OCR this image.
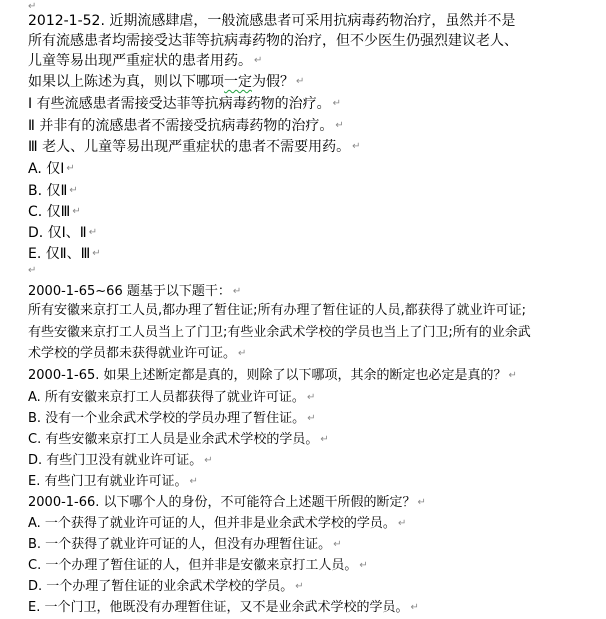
↵
2012-1-52. 近期流感肆虐，一般流感患者可采用抗病毒药物治疗，虽然并不是
所有流感患者均需接受达菲等抗病毒药物的治疗，但不少医生仍强烈建议老人、
儿童等易出现严重症状的患者用药。 ↵
如果以上陈述为真，则以下哪项一定为假？ ↵
Ⅰ 有些流感患者需接受达菲等抗病毒药物的治疗。 ↵
Ⅱ 并非有的流感患者不需接受抗病毒药物的治疗。 ↵
Ⅲ 老人、儿童等易出现严重症状的患者不需要用药。 ↵
A. 仅Ⅰ ↵
B. 仅Ⅱ ↵
C. 仅Ⅲ ↵
D. 仅Ⅰ、Ⅱ ↵
E. 仅Ⅱ、Ⅲ ↵
↵
2000-1-65~66 题基于以下题干： ↵
所有安徽来京打工人员,都办理了暂住证;所有办理了暂住证的人员,都获得了就业许可证;
有些安徽来京打工人员当上了门卫;有些业余武术学校的学员也当上了门卫;所有的业余武
术学校的学员都未获得就业许可证。 ↵
2000-1-65. 如果上述断定都是真的，则除了以下哪项，其余的断定也必定是真的？ ↵
A. 所有安徽来京打工人员都获得了就业许可证。 ↵
B. 没有一个业余武术学校的学员办理了暂住证。 ↵
C. 有些安徽来京打工人员是业余武术学校的学员。 ↵
D. 有些门卫没有就业许可证。 ↵
E. 有些门卫有就业许可证。 ↵
2000-1-66. 以下哪个人的身份，不可能符合上述题干所假的断定？ ↵
A. 一个获得了就业许可证的人，但并非是业余武术学校的学员。 ↵
B. 一个获得了就业许可证的人，但没有办理暂住证。 ↵
C. 一个办理了暂住证的人，但并非是安徽来京打工人员。 ↵
D. 一个办理了暂住证的业余武术学校的学员。 ↵
E. 一个门卫，他既没有办理暂住证，又不是业余武术学校的学员。 ↵
